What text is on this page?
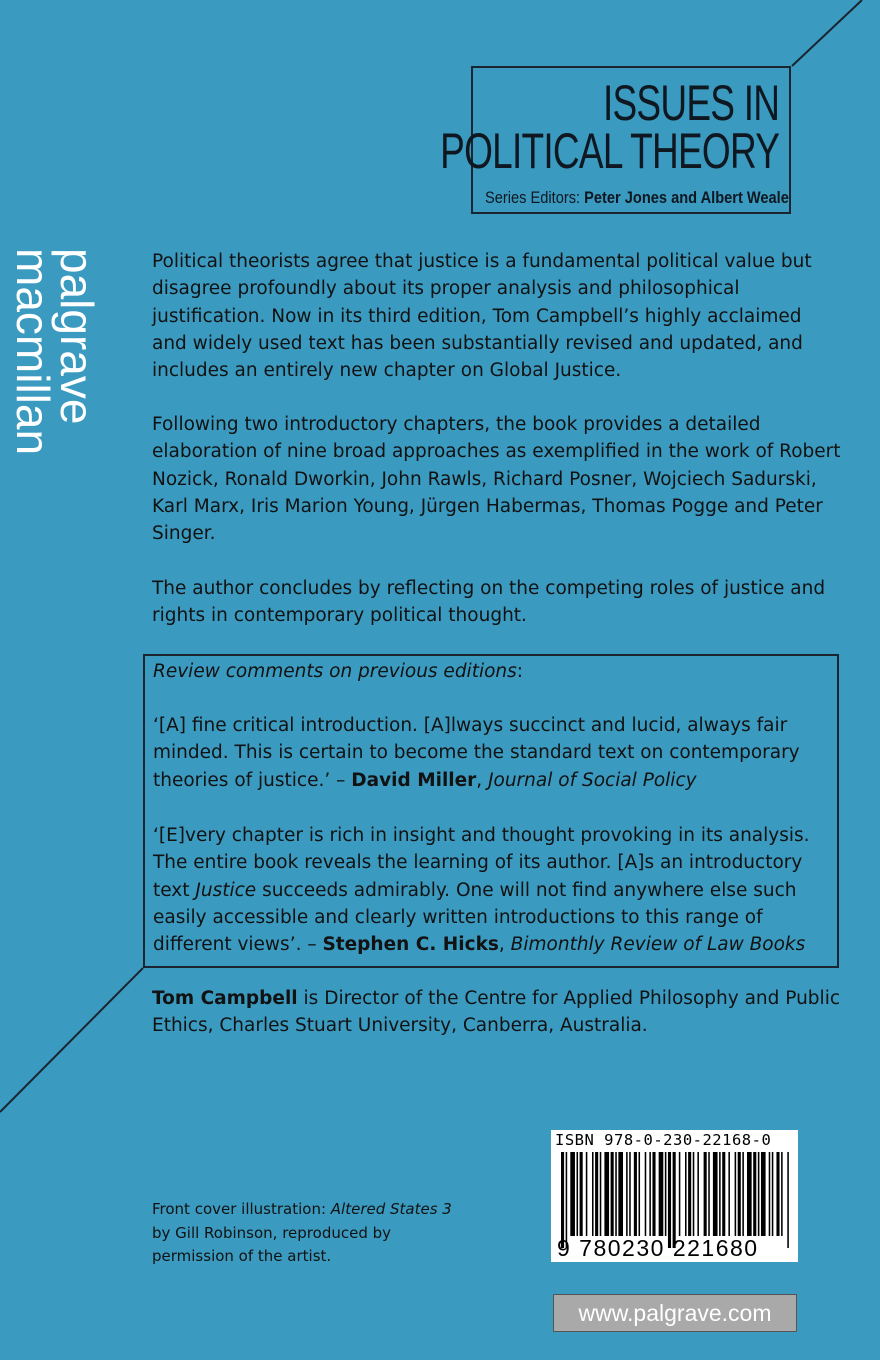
ISSUES IN
POLITICAL THEORY
Series Editors: Peter Jones and Albert Weale
palgrave
macmillan	Political theorists agree that justice is a fundamental political value but disagree profoundly about its proper analysis and philosophical justification. Now in its third edition, Tom Campbell’s highly acclaimed and widely used text has been substantially revised and updated, and includes an entirely new chapter on Global Justice.

Following two introductory chapters, the book provides a detailed elaboration of nine broad approaches as exemplified in the work of Robert Nozick, Ronald Dworkin, John Rawls, Richard Posner, Wojciech Sadurski, Karl Marx, Iris Marion Young, Jürgen Habermas, Thomas Pogge and Peter Singer.

The author concludes by reflecting on the competing roles of justice and rights in contemporary political thought.

Review comments on previous editions:

‘[A] fine critical introduction. [A]lways succinct and lucid, always fair minded. This is certain to become the standard text on contemporary theories of justice.’ – David Miller, Journal of Social Policy

‘[E]very chapter is rich in insight and thought provoking in its analysis. The entire book reveals the learning of its author. [A]s an introductory text Justice succeeds admirably. One will not find anywhere else such easily accessible and clearly written introductions to this range of different views’. – Stephen C. Hicks, Bimonthly Review of Law Books

Tom Campbell is Director of the Centre for Applied Philosophy and Public Ethics, Charles Stuart University, Canberra, Australia.

Front cover illustration: Altered States 3 by Gill Robinson, reproduced by permission of the artist.

ISBN 978-0-230-22168-0
9 780230 221680
www.palgrave.com
